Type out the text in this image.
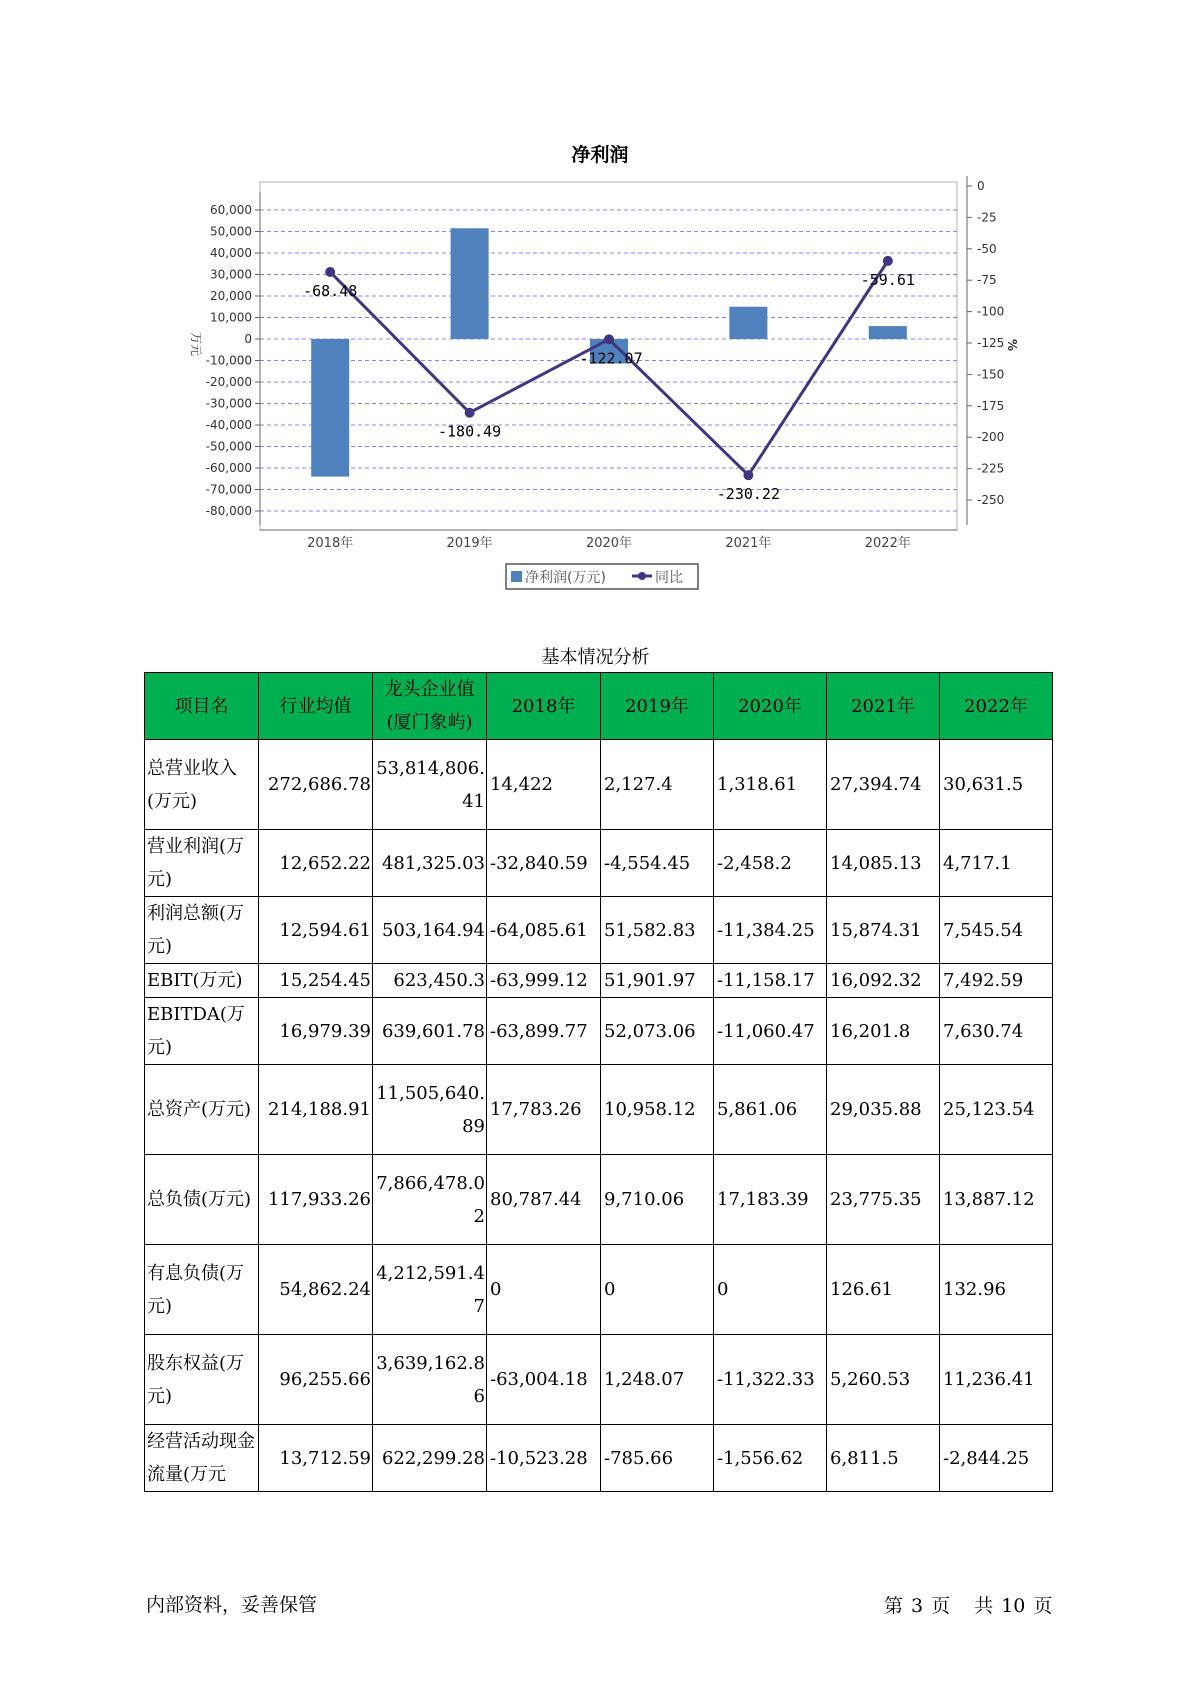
净利润
60,000
50,000
40,000
30,000
20,000
10,000
0
-10,000
-20,000
-30,000
-40,000
-50,000
-60,000
-70,000
-80,000
0
-25
-50
-75
-100
-125
-150
-175
-200
-225
-250
万元	%
2018年	2019年	2020年	2021年	2022年
-68.48
-180.49
-122.07
-230.22
-59.61
净利润(万元)	同比
基本情况分析
项目名	行业均值	龙头企业值(厦门象屿)	2018年	2019年	2020年	2021年	2022年
总营业收入(万元)	272,686.78	53,814,806.41	14,422	2,127.4	1,318.61	27,394.74	30,631.5
营业利润(万元)	12,652.22	481,325.03	-32,840.59	-4,554.45	-2,458.2	14,085.13	4,717.1
利润总额(万元)	12,594.61	503,164.94	-64,085.61	51,582.83	-11,384.25	15,874.31	7,545.54
EBIT(万元)	15,254.45	623,450.3	-63,999.12	51,901.97	-11,158.17	16,092.32	7,492.59
EBITDA(万元)	16,979.39	639,601.78	-63,899.77	52,073.06	-11,060.47	16,201.8	7,630.74
总资产(万元)	214,188.91	11,505,640.89	17,783.26	10,958.12	5,861.06	29,035.88	25,123.54
总负债(万元)	117,933.26	7,866,478.02	80,787.44	9,710.06	17,183.39	23,775.35	13,887.12
有息负债(万元)	54,862.24	4,212,591.47	0	0	0	126.61	132.96
股东权益(万元)	96,255.66	3,639,162.86	-63,004.18	1,248.07	-11,322.33	5,260.53	11,236.41
经营活动现金流量(万元	13,712.59	622,299.28	-10,523.28	-785.66	-1,556.62	6,811.5	-2,844.25
内部资料，妥善保管	第 3 页 共 10 页
